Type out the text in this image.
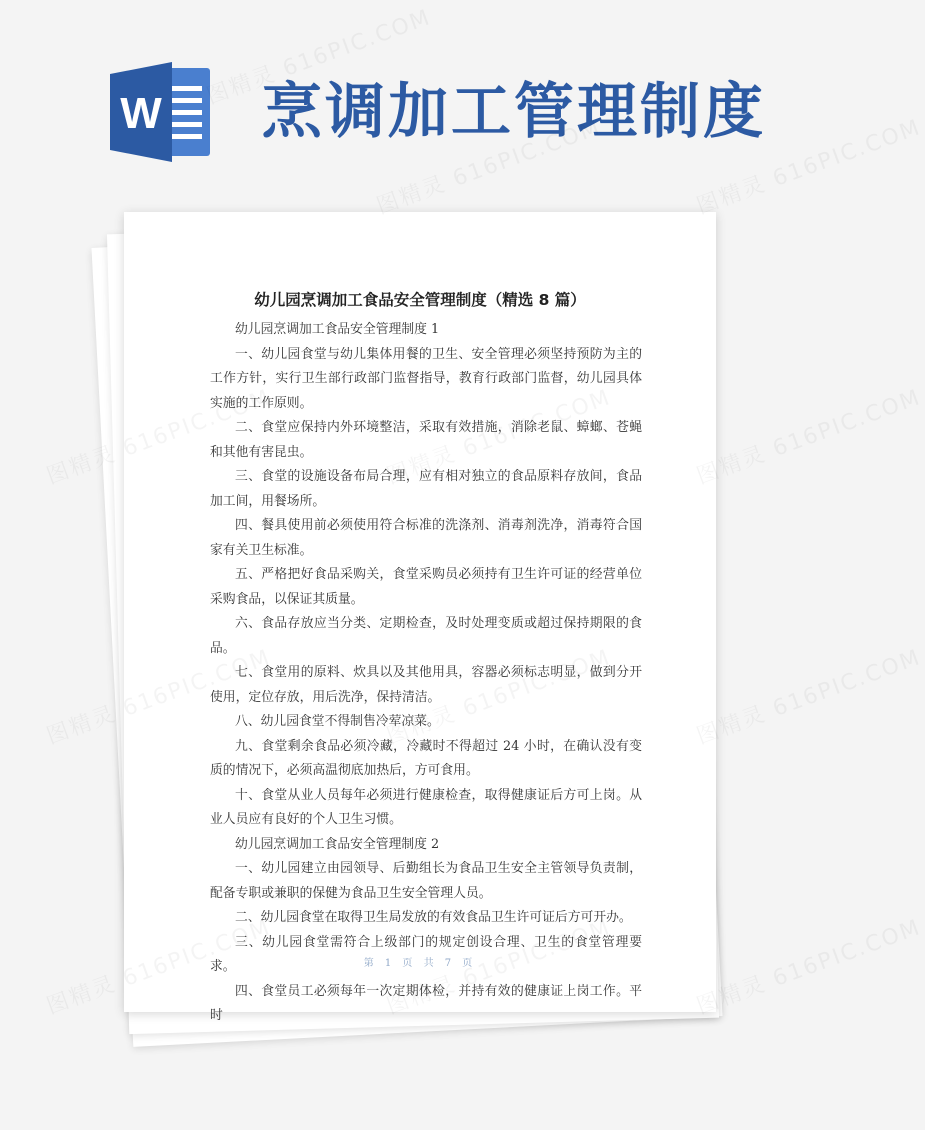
W 烹调加工管理制度
幼儿园烹调加工食品安全管理制度（精选 8 篇）

幼儿园烹调加工食品安全管理制度 1

一、幼儿园食堂与幼儿集体用餐的卫生、安全管理必须坚持预防为主的工作方针，实行卫生部行政部门监督指导，教育行政部门监督，幼儿园具体实施的工作原则。

二、食堂应保持内外环境整洁，采取有效措施，消除老鼠、蟑螂、苍蝇和其他有害昆虫。

三、食堂的设施设备布局合理，应有相对独立的食品原料存放间，食品加工间，用餐场所。

四、餐具使用前必须使用符合标准的洗涤剂、消毒剂洗净，消毒符合国家有关卫生标准。

五、严格把好食品采购关，食堂采购员必须持有卫生许可证的经营单位采购食品，以保证其质量。

六、食品存放应当分类、定期检查，及时处理变质或超过保持期限的食品。

七、食堂用的原料、炊具以及其他用具，容器必须标志明显，做到分开使用，定位存放，用后洗净，保持清洁。

八、幼儿园食堂不得制售冷荤凉菜。

九、食堂剩余食品必须冷藏，冷藏时不得超过 24 小时，在确认没有变质的情况下，必须高温彻底加热后，方可食用。

十、食堂从业人员每年必须进行健康检查，取得健康证后方可上岗。从业人员应有良好的个人卫生习惯。

幼儿园烹调加工食品安全管理制度 2

一、幼儿园建立由园领导、后勤组长为食品卫生安全主管领导负责制，配备专职或兼职的保健为食品卫生安全管理人员。

二、幼儿园食堂在取得卫生局发放的有效食品卫生许可证后方可开办。

三、幼儿园食堂需符合上级部门的规定创设合理、卫生的食堂管理要求。

四、食堂员工必须每年一次定期体检，并持有效的健康证上岗工作。平时

第 1 页 共 7 页
